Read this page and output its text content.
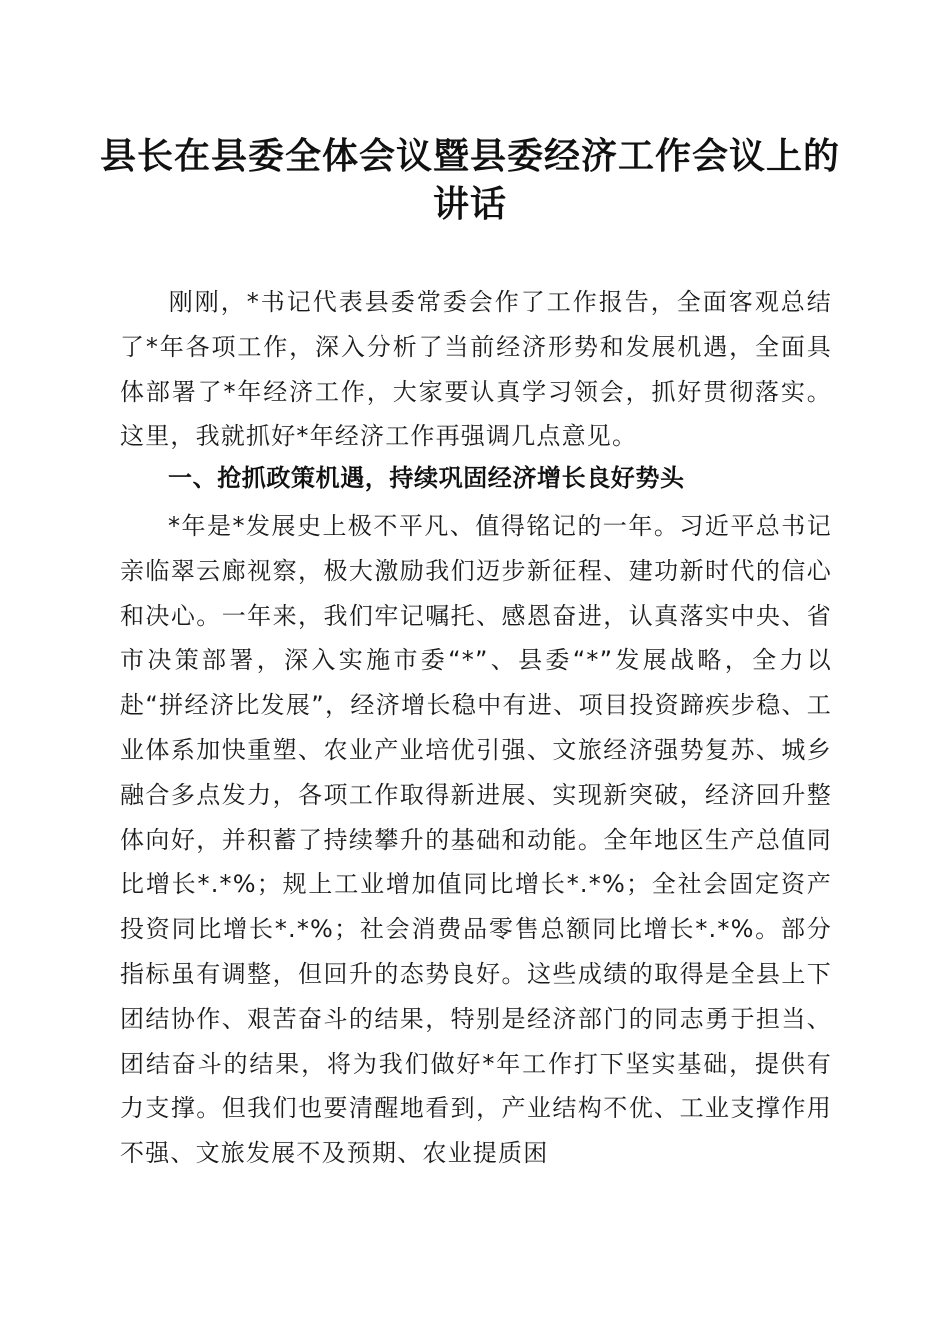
县长在县委全体会议暨县委经济工作会议上的
讲话
刚刚，*书记代表县委常委会作了工作报告，全面客观总结了*年各项工作，深入分析了当前经济形势和发展机遇，全面具体部署了*年经济工作，大家要认真学习领会，抓好贯彻落实。这里，我就抓好*年经济工作再强调几点意见。
一、抢抓政策机遇，持续巩固经济增长良好势头
*年是*发展史上极不平凡、值得铭记的一年。习近平总书记亲临翠云廊视察，极大激励我们迈步新征程、建功新时代的信心和决心。一年来，我们牢记嘱托、感恩奋进，认真落实中央、省市决策部署，深入实施市委“*”、县委“*”发展战略，全力以赴“拼经济比发展”，经济增长稳中有进、项目投资蹄疾步稳、工业体系加快重塑、农业产业培优引强、文旅经济强势复苏、城乡融合多点发力，各项工作取得新进展、实现新突破，经济回升整体向好，并积蓄了持续攀升的基础和动能。全年地区生产总值同比增长*.*%；规上工业增加值同比增长*.*%；全社会固定资产投资同比增长*.*%；社会消费品零售总额同比增长*.*%。部分指标虽有调整，但回升的态势良好。这些成绩的取得是全县上下团结协作、艰苦奋斗的结果，特别是经济部门的同志勇于担当、团结奋斗的结果，将为我们做好*年工作打下坚实基础，提供有力支撑。但我们也要清醒地看到，产业结构不优、工业支撑作用不强、文旅发展不及预期、农业提质困
